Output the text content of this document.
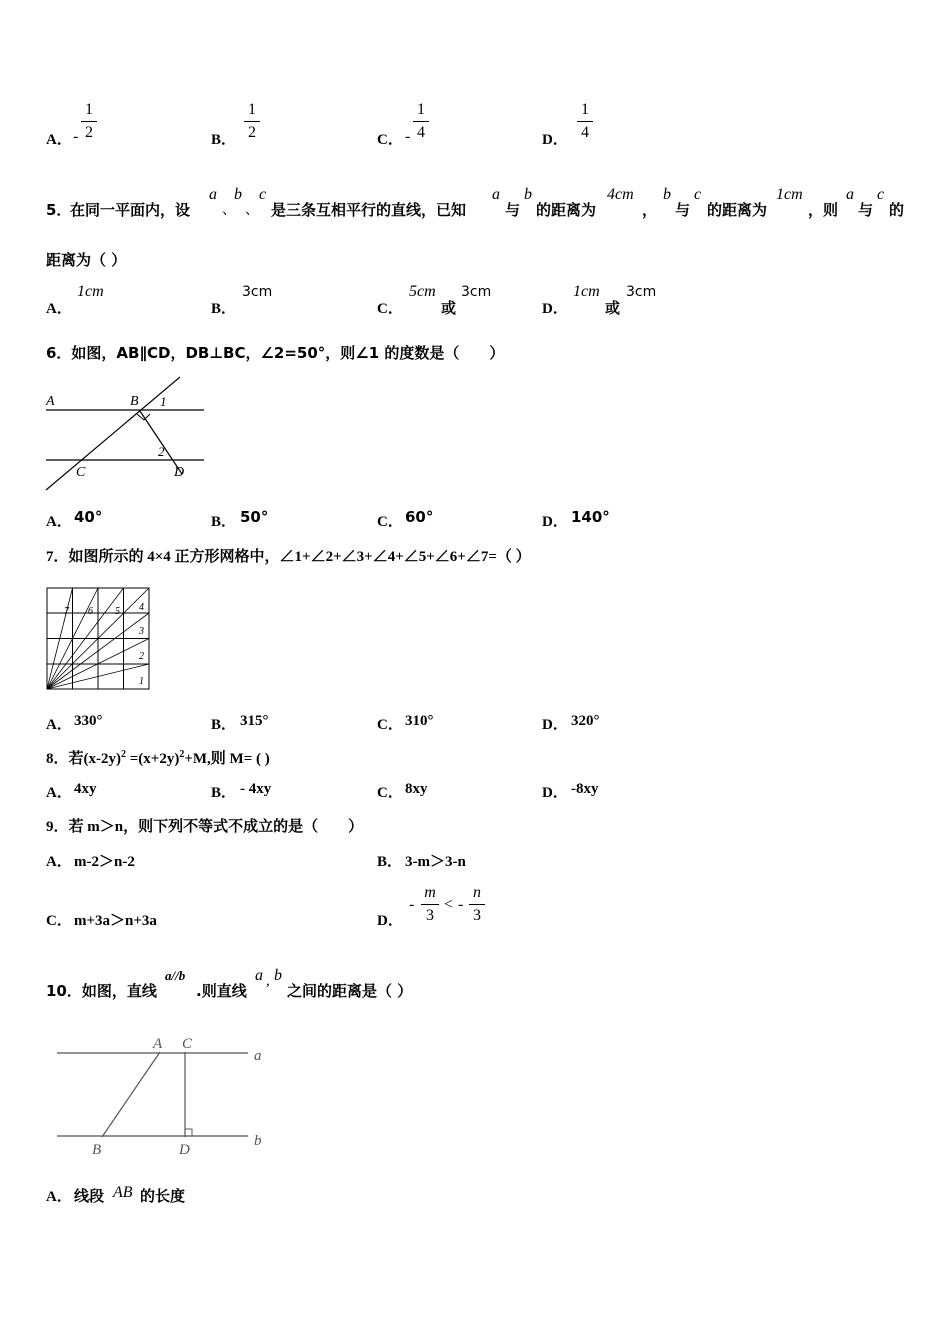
A． -
1
2	B．
1
2	C． -
1
4	D．
1
4
5．
在同一平面内，设
a
、
b
、
c
是三条互相平行的直线，已知
a
与
b
的距离为
4cm
，
b
与
c
的距离为
1cm
，则
a
与
c
的
距离为（ ）
A．
1cm
B．
3cm
C．
5cm
或
3cm
D．
1cm
或
3cm
6．如图，AB∥CD，DB⊥BC，∠2=50°，则∠1 的度数是（　　）
A	B 1
2
C	D
A． 40°	B． 50°	C． 60°	D． 140°
7．如图所示的 4×4 正方形网格中，∠1+∠2+∠3+∠4+∠5+∠6+∠7=（ ）
1
2
3
4
5
6
7
A． 330°	B． 315°	C． 310°	D． 320°
8．若$(x-2y)^2 =(x+2y)^2+M$,则 M= ( )
A． 4xy	B． - 4xy	C． 8xy	D． -8xy
9．若 m＞n，则下列不等式不成立的是（　　）
A． m-2＞n-2	B． 3-m＞3-n
C． m+3a＞n+3a	D．
-
m
3
< -
n
3
10．如图，直线
a//b
.则直线
a , b
之间的距离是（ ）
A C
a
B	D
b
A． 线段 AB 的长度
